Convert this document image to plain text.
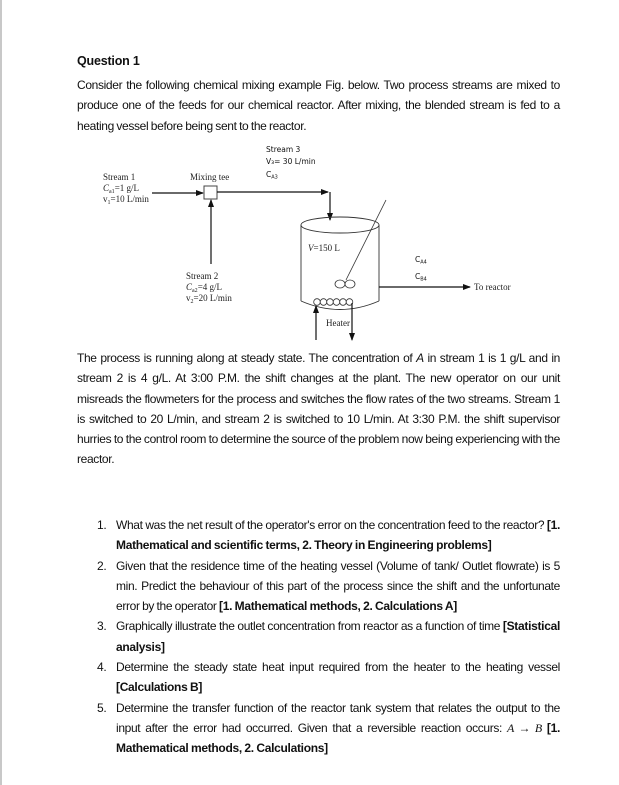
Question 1
Consider the following chemical mixing example Fig. below. Two process streams are mixed to produce one of the feeds for our chemical reactor. After mixing, the blended stream is fed to a heating vessel before being sent to the reactor.
Stream 1
$C_{a1}=1$ g/L
$v_1=10$ L/min
Mixing tee
Stream 2
$C_{a2}=4$ g/L
$v_2=20$ L/min
Stream 3
V₃= 30 L/min
$C_{A3}$
V=150 L
Heater
To reactor
$C_{A4}$
$C_{B4}$
The process is running along at steady state. The concentration of A in stream 1 is 1 g/L and in stream 2 is 4 g/L. At 3:00 P.M. the shift changes at the plant. The new operator on our unit misreads the flowmeters for the process and switches the flow rates of the two streams. Stream 1 is switched to 20 L/min, and stream 2 is switched to 10 L/min. At 3:30 P.M. the shift supervisor hurries to the control room to determine the source of the problem now being experiencing with the reactor.
1. What was the net result of the operator's error on the concentration feed to the reactor? [1. Mathematical and scientific terms, 2. Theory in Engineering problems]
2. Given that the residence time of the heating vessel (Volume of tank/ Outlet flowrate) is 5 min. Predict the behaviour of this part of the process since the shift and the unfortunate error by the operator [1. Mathematical methods, 2. Calculations A]
3. Graphically illustrate the outlet concentration from reactor as a function of time [Statistical analysis]
4. Determine the steady state heat input required from the heater to the heating vessel [Calculations B]
5. Determine the transfer function of the reactor tank system that relates the output to the input after the error had occurred. Given that a reversible reaction occurs: A → B [1. Mathematical methods, 2. Calculations]
